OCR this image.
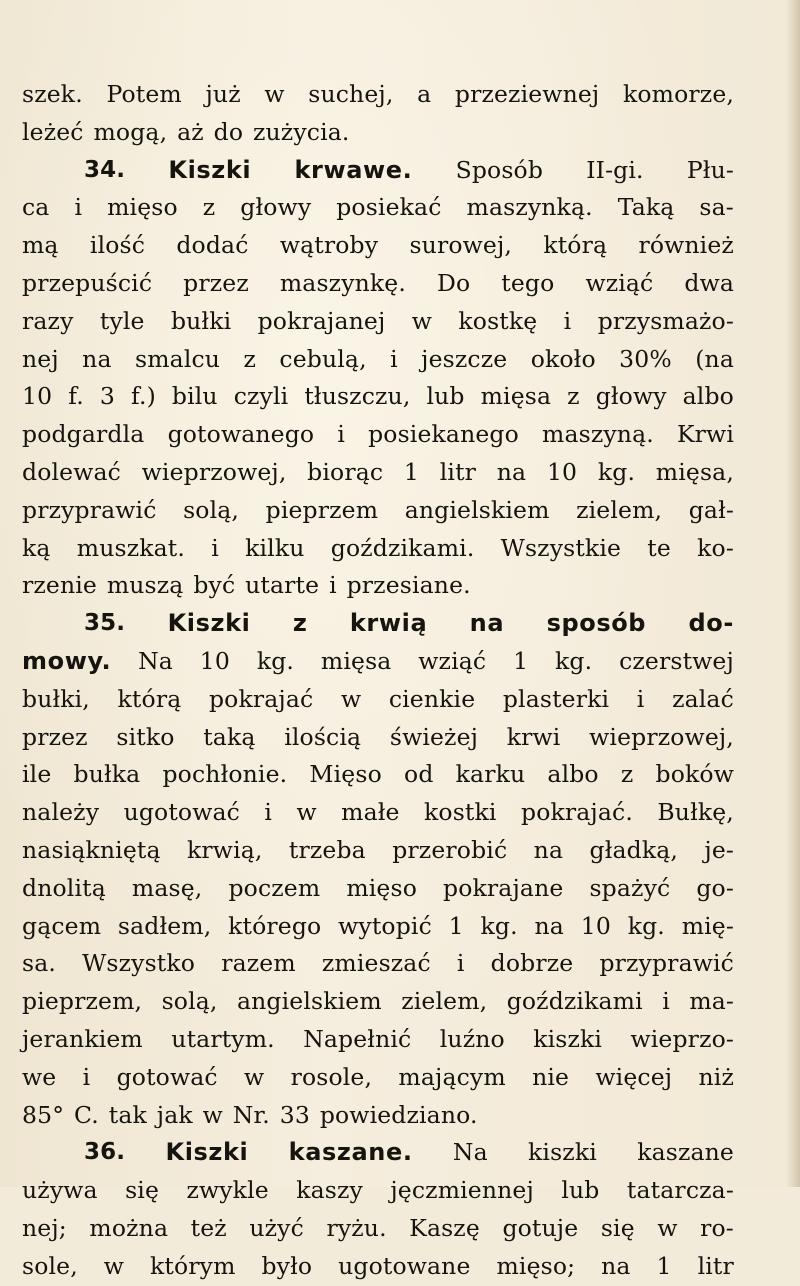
szek. Potem już w suchej, a przeziewnej komorze,
leżeć mogą, aż do zużycia.
34. Kiszki krwawe. Sposób II-gi. Płu-
ca i mięso z głowy posiekać maszynką. Taką sa-
mą ilość dodać wątroby surowej, którą również
przepuścić przez maszynkę. Do tego wziąć dwa
razy tyle bułki pokrajanej w kostkę i przysmażo-
nej na smalcu z cebulą, i jeszcze około 30% (na
10 f. 3 f.) bilu czyli tłuszczu, lub mięsa z głowy albo
podgardla gotowanego i posiekanego maszyną. Krwi
dolewać wieprzowej, biorąc 1 litr na 10 kg. mięsa,
przyprawić solą, pieprzem angielskiem zielem, gał-
ką muszkat. i kilku goździkami. Wszystkie te ko-
rzenie muszą być utarte i przesiane.
35. Kiszki z krwią na sposób do-
mowy. Na 10 kg. mięsa wziąć 1 kg. czerstwej
bułki, którą pokrajać w cienkie plasterki i zalać
przez sitko taką ilością świeżej krwi wieprzowej,
ile bułka pochłonie. Mięso od karku albo z boków
należy ugotować i w małe kostki pokrajać. Bułkę,
nasiąkniętą krwią, trzeba przerobić na gładką, je-
dnolitą masę, poczem mięso pokrajane spażyć go-
gącem sadłem, którego wytopić 1 kg. na 10 kg. mię-
sa. Wszystko razem zmieszać i dobrze przyprawić
pieprzem, solą, angielskiem zielem, goździkami i ma-
jerankiem utartym. Napełnić luźno kiszki wieprzo-
we i gotować w rosole, mającym nie więcej niż
85° C. tak jak w Nr. 33 powiedziano.
36. Kiszki kaszane. Na kiszki kaszane
używa się zwykle kaszy jęczmiennej lub tatarcza-
nej; można też użyć ryżu. Kaszę gotuje się w ro-
sole, w którym było ugotowane mięso; na 1 litr
